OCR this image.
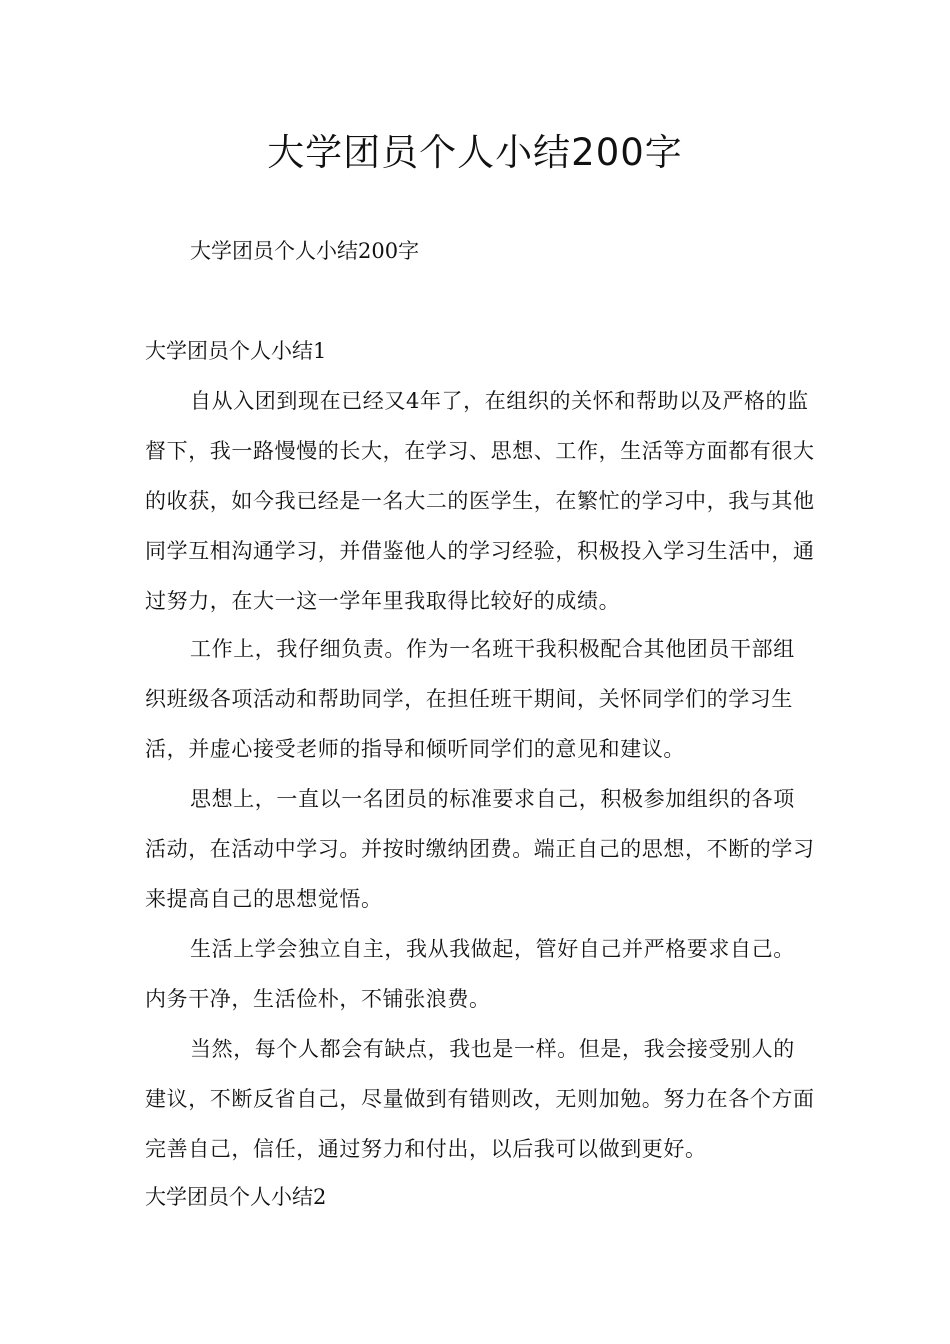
大学团员个人小结200字

大学团员个人小结200字

大学团员个人小结1

自从入团到现在已经又4年了，在组织的关怀和帮助以及严格的监督下，我一路慢慢的长大，在学习、思想、工作，生活等方面都有很大的收获，如今我已经是一名大二的医学生，在繁忙的学习中，我与其他同学互相沟通学习，并借鉴他人的学习经验，积极投入学习生活中，通过努力，在大一这一学年里我取得比较好的成绩。

工作上，我仔细负责。作为一名班干我积极配合其他团员干部组织班级各项活动和帮助同学，在担任班干期间，关怀同学们的学习生活，并虚心接受老师的指导和倾听同学们的意见和建议。

思想上，一直以一名团员的标准要求自己，积极参加组织的各项活动，在活动中学习。并按时缴纳团费。端正自己的思想，不断的学习来提高自己的思想觉悟。

生活上学会独立自主，我从我做起，管好自己并严格要求自己。内务干净，生活俭朴，不铺张浪费。

当然，每个人都会有缺点，我也是一样。但是，我会接受别人的建议，不断反省自己，尽量做到有错则改，无则加勉。努力在各个方面完善自己，信任，通过努力和付出，以后我可以做到更好。

大学团员个人小结2
